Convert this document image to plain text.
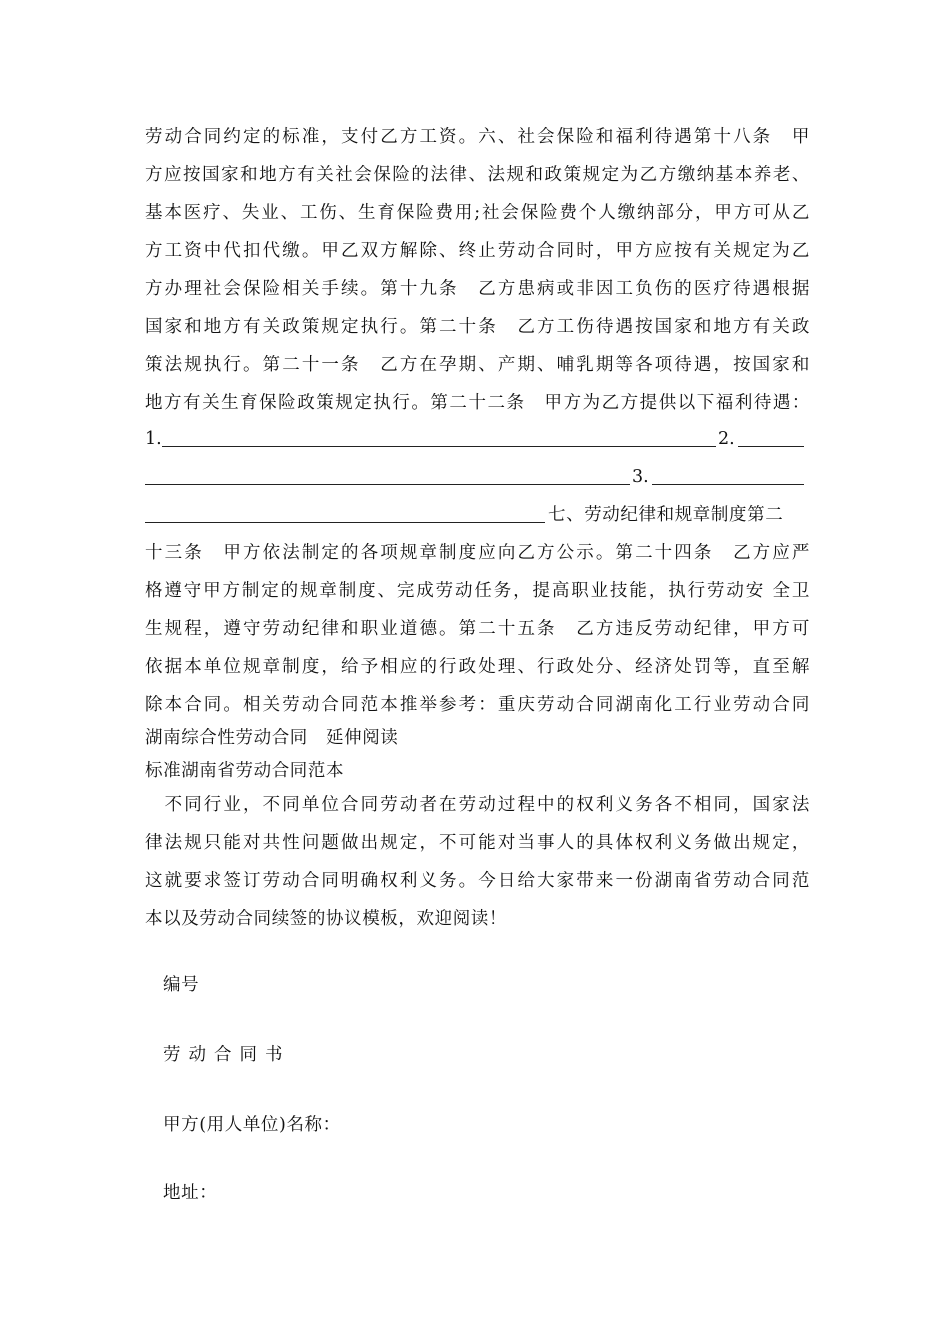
劳动合同约定的标准，支付乙方工资。六、社会保险和福利待遇第十八条　甲
方应按国家和地方有关社会保险的法律、法规和政策规定为乙方缴纳基本养老、
基本医疗、失业、工伤、生育保险费用;社会保险费个人缴纳部分，甲方可从乙
方工资中代扣代缴。甲乙双方解除、终止劳动合同时，甲方应按有关规定为乙
方办理社会保险相关手续。第十九条　乙方患病或非因工负伤的医疗待遇根据
国家和地方有关政策规定执行。第二十条　乙方工伤待遇按国家和地方有关政
策法规执行。第二十一条　乙方在孕期、产期、哺乳期等各项待遇，按国家和
地方有关生育保险政策规定执行。第二十二条　甲方为乙方提供以下福利待遇：
1.	2.
3.
七、劳动纪律和规章制度第二
十三条　甲方依法制定的各项规章制度应向乙方公示。第二十四条　乙方应严
格遵守甲方制定的规章制度、完成劳动任务，提高职业技能，执行劳动安 全卫
生规程，遵守劳动纪律和职业道德。第二十五条　乙方违反劳动纪律，甲方可
依据本单位规章制度，给予相应的行政处理、行政处分、经济处罚等，直至解
除本合同。相关劳动合同范本推举参考：重庆劳动合同湖南化工行业劳动合同
湖南综合性劳动合同　延伸阅读
标准湖南省劳动合同范本
　不同行业，不同单位合同劳动者在劳动过程中的权利义务各不相同，国家法
律法规只能对共性问题做出规定，不可能对当事人的具体权利义务做出规定，
这就要求签订劳动合同明确权利义务。今日给大家带来一份湖南省劳动合同范
本以及劳动合同续签的协议模板，欢迎阅读！
编号
劳动合同书
甲方(用人单位)名称：
地址：
